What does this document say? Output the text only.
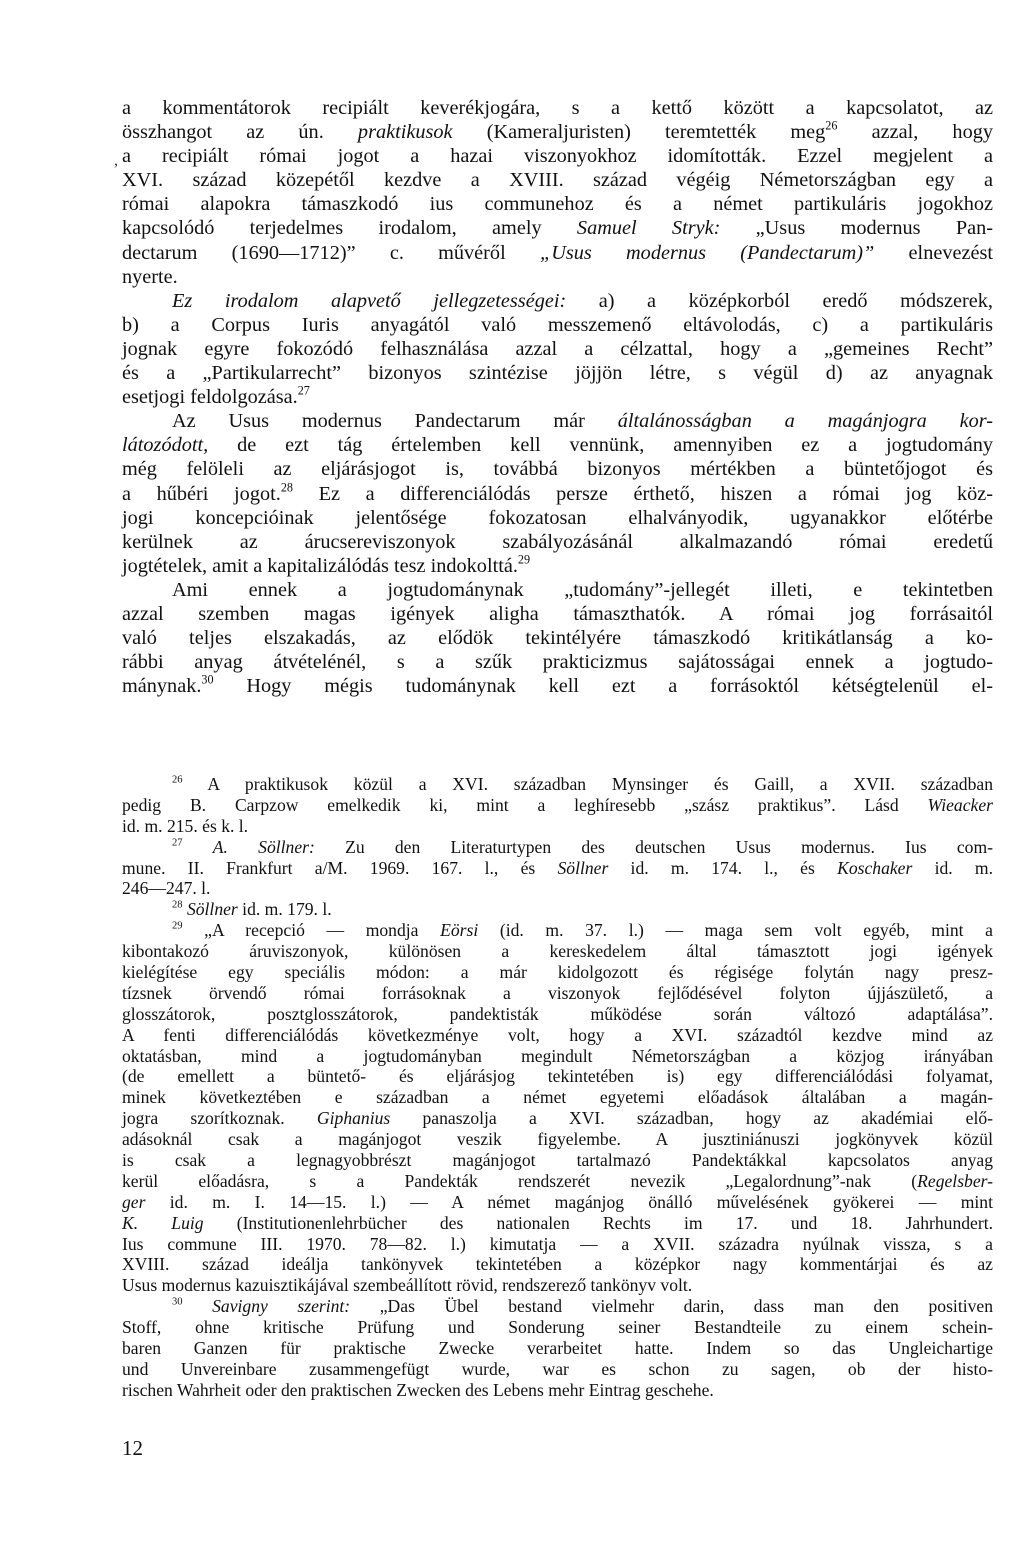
,
a kommentátorok recipiált keverékjogára, s a kettő között a kapcsolatot, az
összhangot az ún. praktikusok (Kameraljuristen) teremtették meg$^{26}$ azzal, hogy
a recipiált római jogot a hazai viszonyokhoz idomították. Ezzel megjelent a
XVI. század közepétől kezdve a XVIII. század végéig Németországban egy a
római alapokra támaszkodó ius communehoz és a német partikuláris jogokhoz
kapcsolódó terjedelmes irodalom, amely Samuel Stryk: „Usus modernus Pan-
dectarum (1690—1712)” c. művéről „Usus modernus (Pandectarum)” elnevezést
nyerte.
Ez irodalom alapvető jellegzetességei: a) a középkorból eredő módszerek,
b) a Corpus Iuris anyagától való messzemenő eltávolodás, c) a partikuláris
jognak egyre fokozódó felhasználása azzal a célzattal, hogy a „gemeines Recht”
és a „Partikularrecht” bizonyos szintézise jöjjön létre, s végül d) az anyagnak
esetjogi feldolgozása.$^{27}$
Az Usus modernus Pandectarum már általánosságban a magánjogra kor-
látozódott, de ezt tág értelemben kell vennünk, amennyiben ez a jogtudomány
még felöleli az eljárásjogot is, továbbá bizonyos mértékben a büntetőjogot és
a hűbéri jogot.$^{28}$ Ez a differenciálódás persze érthető, hiszen a római jog köz-
jogi koncepcióinak jelentősége fokozatosan elhalványodik, ugyanakkor előtérbe
kerülnek az árucsereviszonyok szabályozásánál alkalmazandó római eredetű
jogtételek, amit a kapitalizálódás tesz indokolttá.$^{29}$
Ami ennek a jogtudománynak „tudomány”-jellegét illeti, e tekintetben
azzal szemben magas igények aligha támaszthatók. A római jog forrásaitól
való teljes elszakadás, az elődök tekintélyére támaszkodó kritikátlanság a ko-
rábbi anyag átvételénél, s a szűk prakticizmus sajátosságai ennek a jogtudo-
mánynak.$^{30}$ Hogy mégis tudománynak kell ezt a forrásoktól kétségtelenül el-
$^{26}$ A praktikusok közül a XVI. században Mynsinger és Gaill, a XVII. században
pedig B. Carpzow emelkedik ki, mint a leghíresebb „szász praktikus”. Lásd Wieacker
id. m. 215. és k. l.
$^{27}$ A. Söllner: Zu den Literaturtypen des deutschen Usus modernus. Ius com-
mune. II. Frankfurt a/M. 1969. 167. l., és Söllner id. m. 174. l., és Koschaker id. m.
246—247. l.
$^{28}$ Söllner id. m. 179. l.
$^{29}$ „A recepció — mondja Eörsi (id. m. 37. l.) — maga sem volt egyéb, mint a
kibontakozó áruviszonyok, különösen a kereskedelem által támasztott jogi igények
kielégítése egy speciális módon: a már kidolgozott és régisége folytán nagy presz-
tízsnek örvendő római forrásoknak a viszonyok fejlődésével folyton újjászülető, a
glosszátorok, posztglosszátorok, pandektisták működése során változó adaptálása”.
A fenti differenciálódás következménye volt, hogy a XVI. századtól kezdve mind az
oktatásban, mind a jogtudományban megindult Németországban a közjog irányában
(de emellett a büntető- és eljárásjog tekintetében is) egy differenciálódási folyamat,
minek következtében e században a német egyetemi előadások általában a magán-
jogra szorítkoznak. Giphanius panaszolja a XVI. században, hogy az akadémiai elő-
adásoknál csak a magánjogot veszik figyelembe. A jusztiniánuszi jogkönyvek közül
is csak a legnagyobbrészt magánjogot tartalmazó Pandektákkal kapcsolatos anyag
kerül előadásra, s a Pandekták rendszerét nevezik „Legalordnung”-nak (Regelsber-
ger id. m. I. 14—15. l.) — A német magánjog önálló művelésének gyökerei — mint
K. Luig (Institutionenlehrbücher des nationalen Rechts im 17. und 18. Jahrhundert.
Ius commune III. 1970. 78—82. l.) kimutatja — a XVII. századra nyúlnak vissza, s a
XVIII. század ideálja tankönyvek tekintetében a középkor nagy kommentárjai és az
Usus modernus kazuisztikájával szembeállított rövid, rendszerező tankönyv volt.
$^{30}$ Savigny szerint: „Das Übel bestand vielmehr darin, dass man den positiven
Stoff, ohne kritische Prüfung und Sonderung seiner Bestandteile zu einem schein-
baren Ganzen für praktische Zwecke verarbeitet hatte. Indem so das Ungleichartige
und Unvereinbare zusammengefügt wurde, war es schon zu sagen, ob der histo-
rischen Wahrheit oder den praktischen Zwecken des Lebens mehr Eintrag geschehe.
12
